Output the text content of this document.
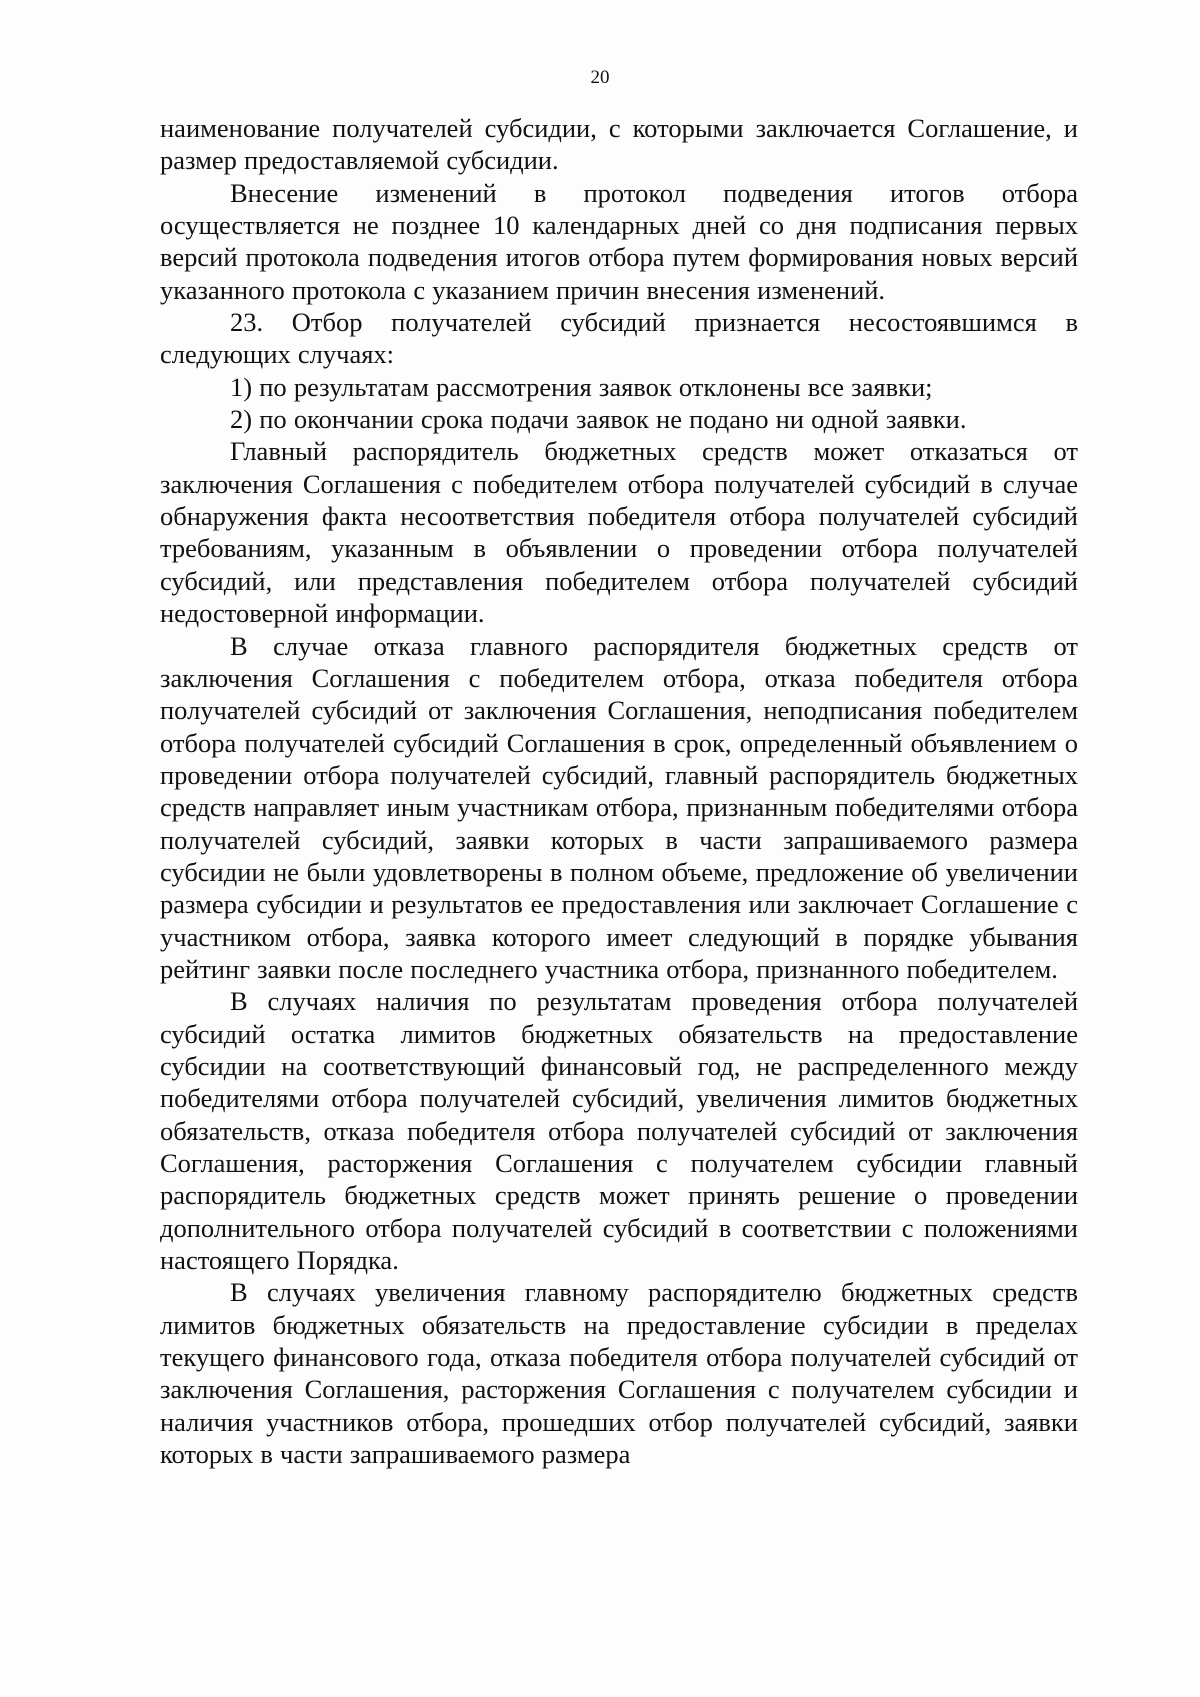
20

наименование получателей субсидии, с которыми заключается Соглашение, и размер предоставляемой субсидии.

Внесение изменений в протокол подведения итогов отбора осуществляется не позднее 10 календарных дней со дня подписания первых версий протокола подведения итогов отбора путем формирования новых версий указанного протокола с указанием причин внесения изменений.

23. Отбор получателей субсидий признается несостоявшимся в следующих случаях:

1) по результатам рассмотрения заявок отклонены все заявки;

2) по окончании срока подачи заявок не подано ни одной заявки.

Главный распорядитель бюджетных средств может отказаться от заключения Соглашения с победителем отбора получателей субсидий в случае обнаружения факта несоответствия победителя отбора получателей субсидий требованиям, указанным в объявлении о проведении отбора получателей субсидий, или представления победителем отбора получателей субсидий недостоверной информации.

В случае отказа главного распорядителя бюджетных средств от заключения Соглашения с победителем отбора, отказа победителя отбора получателей субсидий от заключения Соглашения, неподписания победителем отбора получателей субсидий Соглашения в срок, определенный объявлением о проведении отбора получателей субсидий, главный распорядитель бюджетных средств направляет иным участникам отбора, признанным победителями отбора получателей субсидий, заявки которых в части запрашиваемого размера субсидии не были удовлетворены в полном объеме, предложение об увеличении размера субсидии и результатов ее предоставления или заключает Соглашение с участником отбора, заявка которого имеет следующий в порядке убывания рейтинг заявки после последнего участника отбора, признанного победителем.

В случаях наличия по результатам проведения отбора получателей субсидий остатка лимитов бюджетных обязательств на предоставление субсидии на соответствующий финансовый год, не распределенного между победителями отбора получателей субсидий, увеличения лимитов бюджетных обязательств, отказа победителя отбора получателей субсидий от заключения Соглашения, расторжения Соглашения с получателем субсидии главный распорядитель бюджетных средств может принять решение о проведении дополнительного отбора получателей субсидий в соответствии с положениями настоящего Порядка.

В случаях увеличения главному распорядителю бюджетных средств лимитов бюджетных обязательств на предоставление субсидии в пределах текущего финансового года, отказа победителя отбора получателей субсидий от заключения Соглашения, расторжения Соглашения с получателем субсидии и наличия участников отбора, прошедших отбор получателей субсидий, заявки которых в части запрашиваемого размера
